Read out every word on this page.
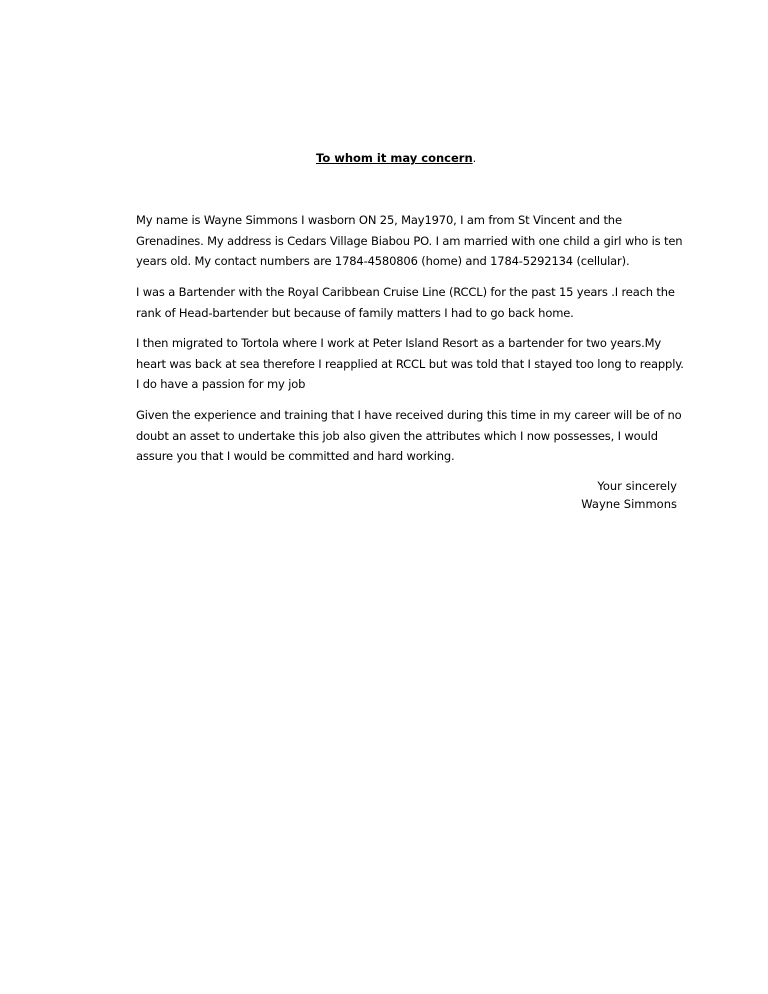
To whom it may concern.

My name is Wayne Simmons I wasborn ON 25, May1970, I am from St Vincent and the Grenadines. My address is Cedars Village Biabou PO. I am married with one child a girl who is ten years old. My contact numbers are 1784-4580806 (home) and 1784-5292134 (cellular).

I was a Bartender with the Royal Caribbean Cruise Line (RCCL) for the past 15 years .I reach the rank of Head-bartender but because of family matters I had to go back home.

I then migrated to Tortola where I work at Peter Island Resort as a bartender for two years.My heart was back at sea therefore I reapplied at RCCL but was told that I stayed too long to reapply. I do have a passion for my job

Given the experience and training that I have received during this time in my career will be of no doubt an asset to undertake this job also given the attributes which I now possesses, I would assure you that I would be committed and hard working.

Your sincerely
Wayne Simmons
